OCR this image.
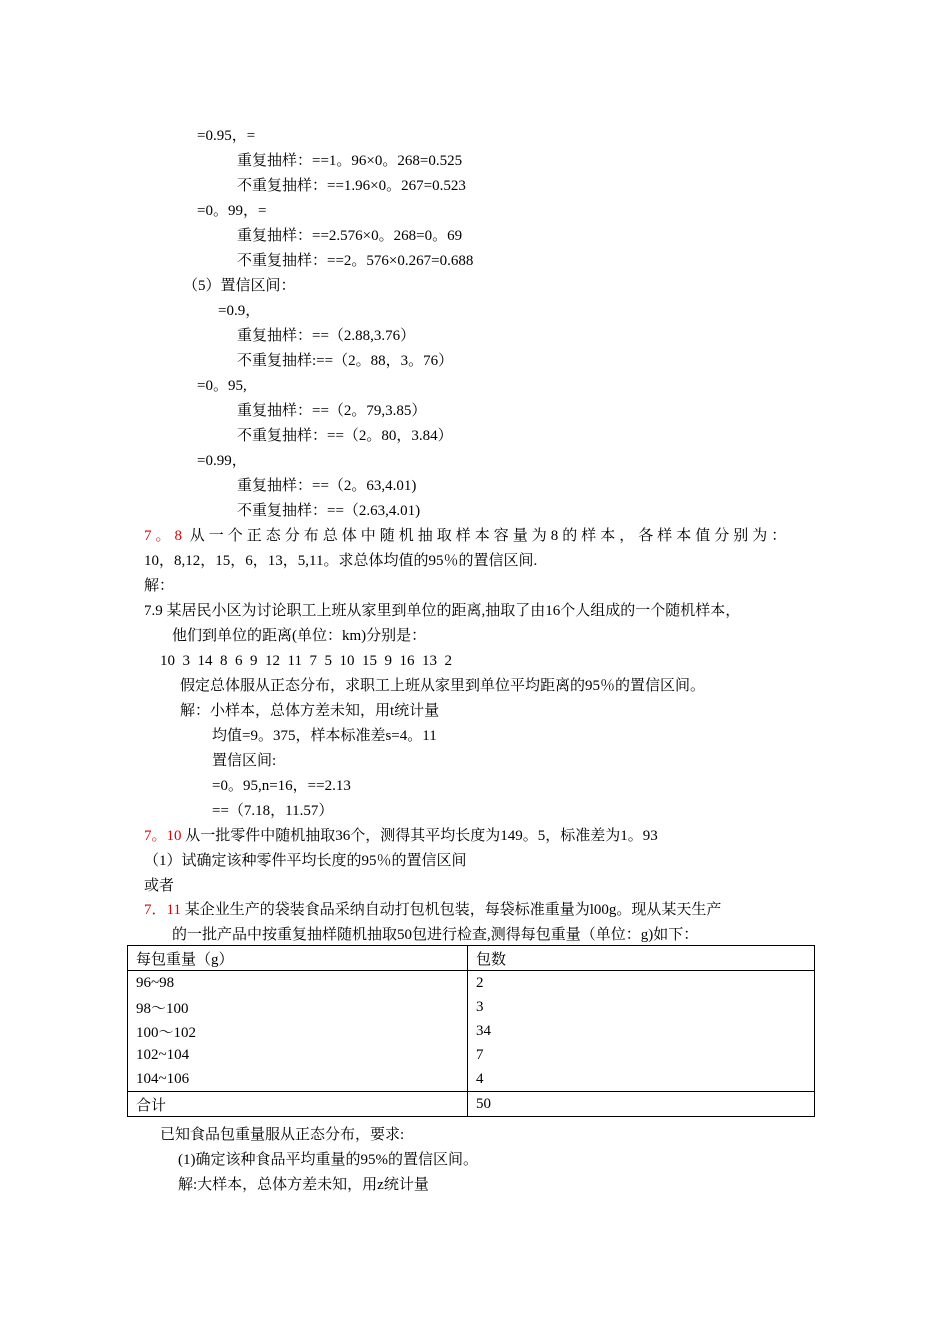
=0.95，=
重复抽样：==1。96×0。268=0.525
不重复抽样：==1.96×0。267=0.523
=0。99，=
重复抽样：==2.576×0。268=0。69
不重复抽样：==2。576×0.267=0.688
（5）置信区间：
=0.9，
重复抽样：==（2.88,3.76）
不重复抽样:==（2。88，3。76）
=0。95,
重复抽样：==（2。79,3.85）
不重复抽样：==（2。80，3.84）
=0.99，
重复抽样：==（2。63,4.01)
不重复抽样：==（2.63,4.01)
7。8 从一个正态分布总体中随机抽取样本容量为8的样本，各样本值分别为：
10，8,12，15，6，13，5,11。求总体均值的95％的置信区间.
解：
7.9 某居民小区为讨论职工上班从家里到单位的距离,抽取了由16个人组成的一个随机样本，
他们到单位的距离(单位：km)分别是：
10  3  14  8  6  9  12  11  7  5  10  15  9  16  13  2
假定总体服从正态分布，求职工上班从家里到单位平均距离的95％的置信区间。
解：小样本，总体方差未知，用t统计量
均值=9。375，样本标准差s=4。11
置信区间:
=0。95,n=16，==2.13
==（7.18，11.57）
7。10 从一批零件中随机抽取36个，测得其平均长度为149。5，标准差为1。93
（1）试确定该种零件平均长度的95％的置信区间
或者
7．11 某企业生产的袋装食品采纳自动打包机包装，每袋标准重量为l00g。现从某天生产
的一批产品中按重复抽样随机抽取50包进行检查,测得每包重量（单位：g)如下：
每包重量（g）	包数
96~98	2
98～100	3
100～102	34
102~104	7
104~106	4
合计	50
已知食品包重量服从正态分布，要求:
(1)确定该种食品平均重量的95%的置信区间。
解:大样本，总体方差未知，用z统计量
